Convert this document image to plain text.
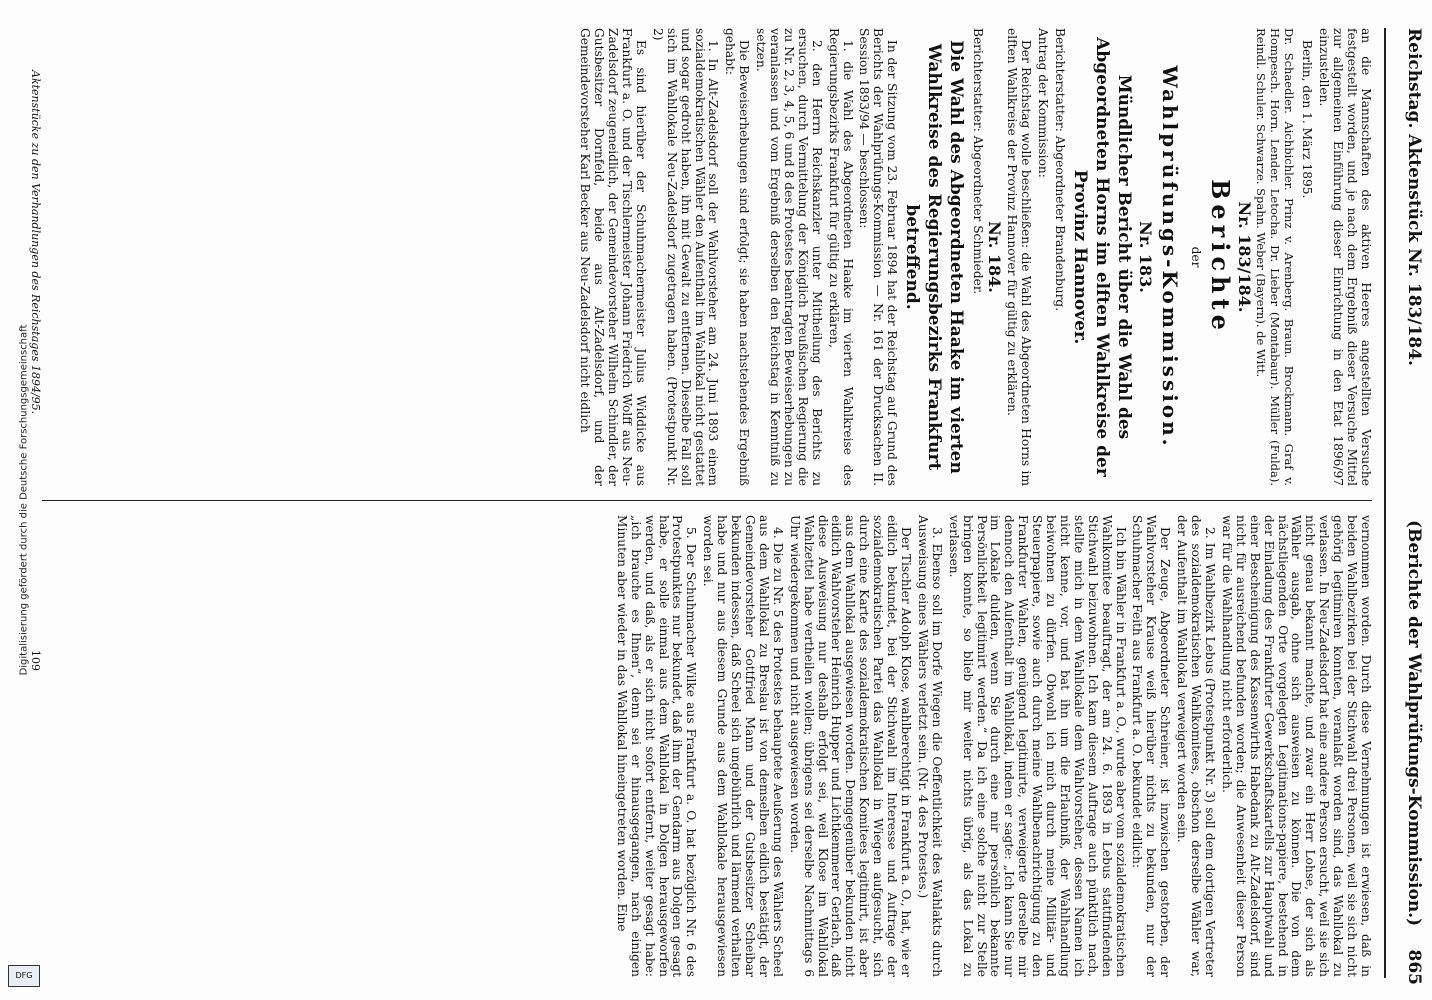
Digitalisierung gefördert durch die Deutsche Forschungsgemeinschaft
DFG
Reichstag. Aktenstück Nr. 183/184.
(Berichte der Wahlprüfungs-Kommission.)
865

an die Mannschaften des aktiven Heeres angestellten Versuche festgestellt worden, und je nach dem Ergebniß dieser Versuche Mittel zur allgemeinen Einführung dieser Einrichtung in den Etat 1896/97 einzustellen.

Berlin, den 1. März 1895.

Dr. Schaedler. Aichbichler. Prinz v. Arenberg. Braun. Brockmann. Graf v. Hompesch. Horn. Lender. Letocha. Dr. Lieber (Montabaur). Müller (Fulda). Reindl. Schuler. Schwarze. Spahn. Weber (Bayern). de Witt.

Nr. 183/184.

Berichte

der

Wahlprüfungs-Kommission.

Nr. 183.

Mündlicher Bericht über die Wahl des Abgeordneten Horns im elften Wahlkreise der Provinz Hannover.

Berichterstatter: Abgeordneter Brandenburg.

Antrag der Kommission:

Der Reichstag wolle beschließen: die Wahl des Abgeordneten Horns im elften Wahlkreise der Provinz Hannover für gültig zu erklären.

Nr. 184.

Berichterstatter: Abgeordneter Schmieder.

Die Wahl des Abgeordneten Haake im vierten Wahlkreise des Regierungsbezirks Frankfurt betreffend.

In der Sitzung vom 23. Februar 1894 hat der Reichstag auf Grund des Berichts der Wahlprüfungs-Kommission — Nr. 161 der Drucksachen II. Session 1893/94 — beschlossen:

1. die Wahl des Abgeordneten Haake im vierten Wahlkreise des Regierungsbezirks Frankfurt für gültig zu erklären,

2. den Herrn Reichskanzler unter Mittheilung des Berichts zu ersuchen, durch Vermittelung der Königlich Preußischen Regierung die zu Nr. 2, 3, 4, 5, 6 und 8 des Protestes beantragten Beweiserhebungen zu veranlassen und vom Ergebniß derselben den Reichstag in Kenntniß zu setzen.

Die Beweiserhebungen sind erfolgt; sie haben nachstehendes Ergebniß gehabt:

1. In Alt-Zadelsdorf soll der Wahlvorsteher am 24. Juni 1893 einem sozialdemokratischen Wähler den Aufenthalt im Wahllokal nicht gestattet und sogar gedroht haben, ihn mit Gewalt zu entfernen. Dieselbe Fall soll sich im Wahllokale Neu-Zadelsdorf zugetragen haben. (Protestpunkt Nr. 2)

Es sind hierüber der Schuhmachermeister Julius Widdicke aus Frankfurt a. O. und der Tischlermeister Johann Friedrich Wolff aus Neu-Zadelsdorf zeugeneidlich, der Gemeindevorsteher Wilhelm Schindler, der Gutsbesitzer Dornfeld, beide aus Alt-Zadelsdorf, und der Gemeindevorsteher Karl Becker aus Neu-Zadelsdorf nicht eidlich

Aktenstücke zu den Verhandlungen des Reichstages 1894/95.

vernommen worden. Durch diese Vernehmungen ist erwiesen, daß in beiden Wahlbezirken bei der Stichwahl drei Personen, weil sie sich nicht gehörig legitimiren konnten, veranlaßt worden sind, das Wahllokal zu verlassen. In Neu-Zadelsdorf hat eine andere Person ersucht, weil sie sich nicht genau bekannt machte, und zwar ein Herr Lohse, der sich als Wähler ausgab, ohne sich ausweisen zu können. Die von dem nächstliegenden Orte vorgelegten Legitimations-papiere, bestehend in der Einladung des Frankfurter Gewerkschaftskartells zur Hauptwahl und einer Bescheinigung des Kassenwirths Habedank zu Alt-Zadelsdorf, sind nicht für ausreichend befunden worden; die Anwesenheit dieser Person war für die Wahlhandlung nicht erforderlich.

2. Im Wahlbezirk Lebus (Protestpunkt Nr. 3) soll dem dortigen Vertreter des sozialdemokratischen Wahlkomitees, obschon derselbe Wähler war, der Aufenthalt im Wahllokal verweigert worden sein.

Der Zeuge, Abgeordneter Schreiner, ist inzwischen gestorben, der Wahlvorsteher Krause weiß hierüber nichts zu bekunden, nur der Schuhmacher Feith aus Frankfurt a. O. bekundet eidlich:

Ich bin Wähler in Frankfurt a. O., wurde aber vom sozialdemokratischen Wahlkomitee beauftragt, der am 24. 6. 1893 in Lebus stattfindenden Stichwahl beizuwohnen. Ich kam diesem Auftrage auch pünktlich nach, stellte mich in dem Wahllokale dem Wahlvorsteher, dessen Namen ich nicht kenne, vor, und bat ihn um die Erlaubniß, der Wahlhandlung beiwohnen zu dürfen. Obwohl ich mich durch meine Militär- und Steuerpapiere, sowie auch durch meine Wahlbenachrichtigung zu den Frankfurter Wahlen, genügend legitimirte, verweigerte derselbe mir dennoch den Aufenthalt im Wahllokal, indem er sagte: „Ich kann Sie nur im Lokale dulden, wenn Sie durch eine mir persönlich bekannte Persönlichkeit legitimirt werden.“ Da ich eine solche nicht zur Stelle bringen konnte, so blieb mir weiter nichts übrig, als das Lokal zu verlassen.

3. Ebenso soll im Dorfe Wiegen die Oeffentlichkeit des Wahlakts durch Ausweisung eines Wählers verletzt sein. (Nr. 4 des Protestes.)

Der Tischler Adolph Klose, wahlberechtigt in Frankfurt a. O., hat, wie er eidlich bekundet, bei der Stichwahl im Interesse und Auftrage der sozialdemokratischen Partei das Wahllokal in Wiegen aufgesucht, sich durch eine Karte des sozialdemokratischen Komitees legitimirt, ist aber aus dem Wahllokal ausgewiesen worden. Demgegenüber bekunden nicht eidlich Wahlvorsteher Heinrich Hupper und Lichtkemmerer Gerlach, daß diese Ausweisung nur deshalb erfolgt sei, weil Klose im Wahllokal Wahlzettel habe vertheilen wollen; übrigens sei derselbe Nachmittags 6 Uhr wiedergekommen und nicht ausgewiesen worden.

4. Die zu Nr. 5 des Protestes behauptete Aeußerung des Wählers Scheel aus dem Wahllokal zu Breslau ist von demselben eidlich bestätigt, der Gemeindevorsteher Gottfried Mann und der Gutsbesitzer Scheibar bekunden indessen, daß Scheel sich ungebührlich und lärmend verhalten habe und nur aus diesem Grunde aus dem Wahllokale herausgewiesen worden sei.

5. Der Schuhmacher Wilke aus Frankfurt a. O. hat bezüglich Nr. 6 des Protestpunktes nur bekundet, daß ihm der Gendarm aus Dolgen gesagt habe, er solle einmal aus dem Wahllokal in Dolgen herausgeworfen werden, und daß, als er sich nicht sofort entfernt, weiter gesagt habe: „ich brauche es Ihnen“, denn sei er hinausgegangen, nach einigen Minuten aber wieder in das Wahllokal hineingetreten worden. Eine

109
